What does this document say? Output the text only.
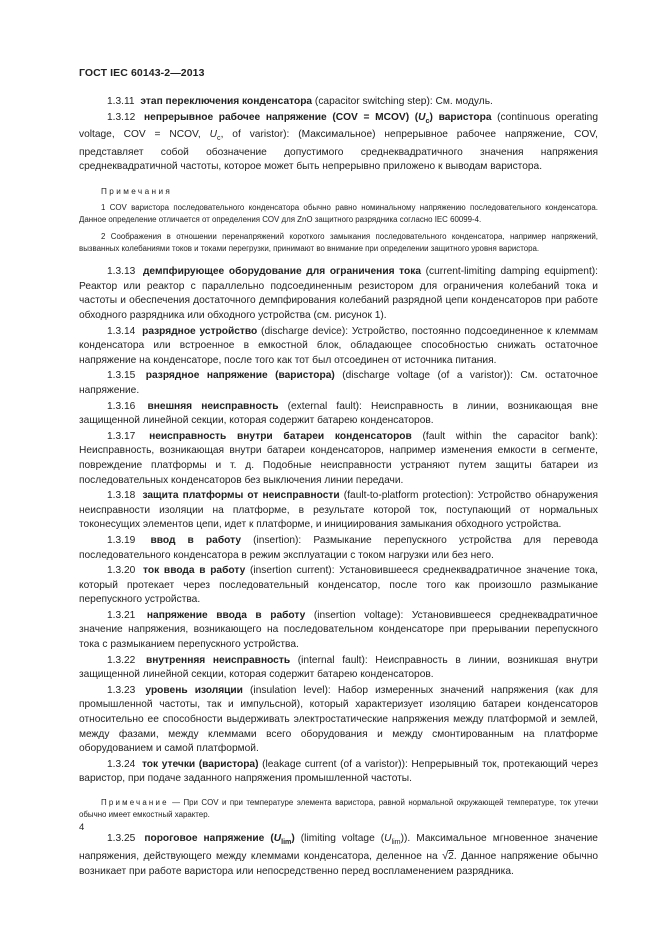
ГОСТ IEC 60143-2—2013

1.3.11 этап переключения конденсатора (capacitor switching step): См. модуль.

1.3.12 непрерывное рабочее напряжение (COV = MCOV) $(U_c)$ варистора (continuous operating voltage, COV = NCOV, $U_c$, of varistor): (Максимальное) непрерывное рабочее напряжение, COV, представляет собой обозначение допустимого среднеквадратичного значения напряжения среднеквадратичной частоты, которое может быть непрерывно приложено к выводам варистора.

Примечания

1 COV варистора последовательного конденсатора обычно равно номинальному напряжению последовательного конденсатора. Данное определение отличается от определения COV для ZnO защитного разрядника согласно IEC 60099-4.

2 Соображения в отношении перенапряжений короткого замыкания последовательного конденсатора, например напряжений, вызванных колебаниями токов и токами перегрузки, принимают во внимание при определении защитного уровня варистора.

1.3.13 демпфирующее оборудование для ограничения тока (current-limiting damping equipment): Реактор или реактор с параллельно подсоединенным резистором для ограничения колебаний тока и частоты и обеспечения достаточного демпфирования колебаний разрядной цепи конденсаторов при работе обходного разрядника или обходного устройства (см. рисунок 1).

1.3.14 разрядное устройство (discharge device): Устройство, постоянно подсоединенное к клеммам конденсатора или встроенное в емкостной блок, обладающее способностью снижать остаточное напряжение на конденсаторе, после того как тот был отсоединен от источника питания.

1.3.15 разрядное напряжение (варистора) (discharge voltage (of a varistor)): См. остаточное напряжение.

1.3.16 внешняя неисправность (external fault): Неисправность в линии, возникающая вне защищенной линейной секции, которая содержит батарею конденсаторов.

1.3.17 неисправность внутри батареи конденсаторов (fault within the capacitor bank): Неисправность, возникающая внутри батареи конденсаторов, например изменения емкости в сегменте, повреждение платформы и т. д. Подобные неисправности устраняют путем защиты батареи из последовательных конденсаторов без выключения линии передачи.

1.3.18 защита платформы от неисправности (fault-to-platform protection): Устройство обнаружения неисправности изоляции на платформе, в результате которой ток, поступающий от нормальных токонесущих элементов цепи, идет к платформе, и инициирования замыкания обходного устройства.

1.3.19 ввод в работу (insertion): Размыкание перепускного устройства для перевода последовательного конденсатора в режим эксплуатации с током нагрузки или без него.

1.3.20 ток ввода в работу (insertion current): Установившееся среднеквадратичное значение тока, который протекает через последовательный конденсатор, после того как произошло размыкание перепускного устройства.

1.3.21 напряжение ввода в работу (insertion voltage): Установившееся среднеквадратичное значение напряжения, возникающего на последовательном конденсаторе при прерывании перепускного тока с размыканием перепускного устройства.

1.3.22 внутренняя неисправность (internal fault): Неисправность в линии, возникшая внутри защищенной линейной секции, которая содержит батарею конденсаторов.

1.3.23 уровень изоляции (insulation level): Набор измеренных значений напряжения (как для промышленной частоты, так и импульсной), который характеризует изоляцию батареи конденсаторов относительно ее способности выдерживать электростатические напряжения между платформой и землей, между фазами, между клеммами всего оборудования и между смонтированным на платформе оборудованием и самой платформой.

1.3.24 ток утечки (варистора) (leakage current (of a varistor)): Непрерывный ток, протекающий через варистор, при подаче заданного напряжения промышленной частоты.

Примечание — При COV и при температуре элемента варистора, равной нормальной окружающей температуре, ток утечки обычно имеет емкостный характер.

1.3.25 пороговое напряжение $(U_{lim})$ (limiting voltage $(U_{lim})$). Максимальное мгновенное значение напряжения, действующего между клеммами конденсатора, деленное на √2. Данное напряжение обычно возникает при работе варистора или непосредственно перед воспламенением разрядника.

4
